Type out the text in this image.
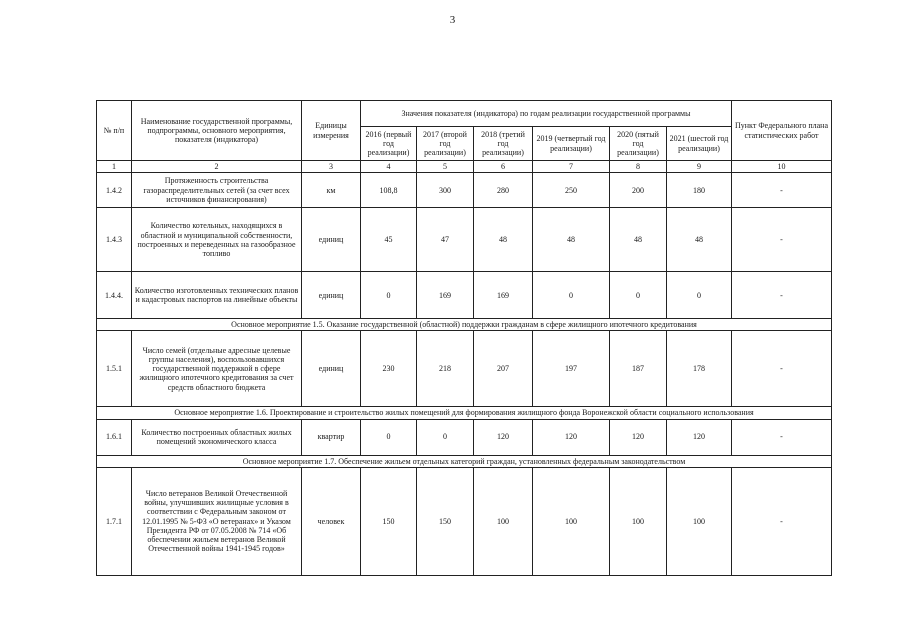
3
№ п/п	Наименование государственной программы, подпрограммы, основного мероприятия, показателя (индикатора)	Единицы измерения	Значения показателя (индикатора) по годам реализации государственной программы						Пункт Федерального плана статистических работ
			2016 (первый год реализации)	2017 (второй год реализации)	2018 (третий год реализации)	2019 (четвертый год реализации)	2020 (пятый год реализации)	2021 (шестой год реализации)	
1	2	3	4	5	6	7	8	9	10
1.4.2	Протяженность строительства газораспределительных сетей (за счет всех источников финансирования)	км	108,8	300	280	250	200	180	-
1.4.3	Количество котельных, находящихся в областной и муниципальной собственности, построенных и переведенных на газообразное топливо	единиц	45	47	48	48	48	48	-
1.4.4.	Количество изготовленных технических планов и кадастровых паспортов на линейные объекты	единиц	0	169	169	0	0	0	-
Основное мероприятие 1.5. Оказание государственной (областной) поддержки гражданам в сфере жилищного ипотечного кредитования									
1.5.1	Число семей (отдельные адресные целевые группы населения), воспользовавшихся государственной поддержкой в сфере жилищного ипотечного кредитования за счет средств областного бюджета	единиц	230	218	207	197	187	178	-
Основное мероприятие 1.6. Проектирование и строительство жилых помещений для формирования жилищного фонда Воронежской области социального использования									
1.6.1	Количество построенных областных жилых помещений экономического класса	квартир	0	0	120	120	120	120	-
Основное мероприятие 1.7. Обеспечение жильем отдельных категорий граждан, установленных федеральным законодательством									
1.7.1	Число ветеранов Великой Отечественной войны, улучшивших жилищные условия в соответствии с Федеральным законом от 12.01.1995 № 5-ФЗ «О ветеранах» и Указом Президента РФ от 07.05.2008 № 714 «Об обеспечении жильем ветеранов Великой Отечественной войны 1941-1945 годов»	человек	150	150	100	100	100	100	-
